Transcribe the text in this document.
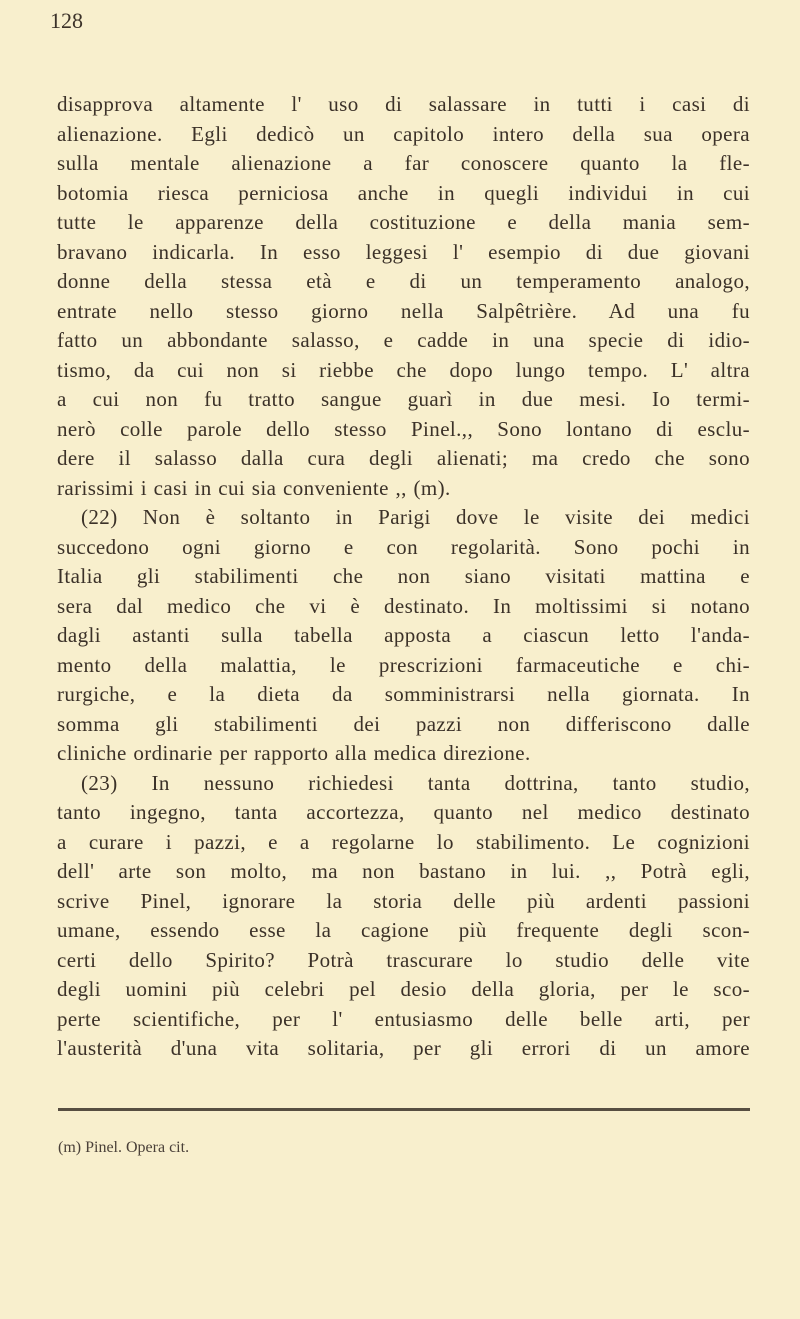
128
disapprova altamente l' uso di salassare in tutti i casi di
alienazione. Egli dedicò un capitolo intero della sua opera
sulla mentale alienazione a far conoscere quanto la fle-
botomia riesca perniciosa anche in quegli individui in cui
tutte le apparenze della costituzione e della mania sem-
bravano indicarla. In esso leggesi l' esempio di due giovani
donne della stessa età e di un temperamento analogo,
entrate nello stesso giorno nella Salpêtrière. Ad una fu
fatto un abbondante salasso, e cadde in una specie di idio-
tismo, da cui non si riebbe che dopo lungo tempo. L' altra
a cui non fu tratto sangue guarì in due mesi. Io termi-
nerò colle parole dello stesso Pinel.,, Sono lontano di esclu-
dere il salasso dalla cura degli alienati; ma credo che sono
rarissimi i casi in cui sia conveniente ,, (m).
(22) Non è soltanto in Parigi dove le visite dei medici
succedono ogni giorno e con regolarità. Sono pochi in
Italia gli stabilimenti che non siano visitati mattina e
sera dal medico che vi è destinato. In moltissimi si notano
dagli astanti sulla tabella apposta a ciascun letto l'anda-
mento della malattia, le prescrizioni farmaceutiche e chi-
rurgiche, e la dieta da somministrarsi nella giornata. In
somma gli stabilimenti dei pazzi non differiscono dalle
cliniche ordinarie per rapporto alla medica direzione.
(23) In nessuno richiedesi tanta dottrina, tanto studio,
tanto ingegno, tanta accortezza, quanto nel medico destinato
a curare i pazzi, e a regolarne lo stabilimento. Le cognizioni
dell' arte son molto, ma non bastano in lui. ,, Potrà egli,
scrive Pinel, ignorare la storia delle più ardenti passioni
umane, essendo esse la cagione più frequente degli scon-
certi dello Spirito? Potrà trascurare lo studio delle vite
degli uomini più celebri pel desio della gloria, per le sco-
perte scientifiche, per l' entusiasmo delle belle arti, per
l'austerità d'una vita solitaria, per gli errori di un amore
(m) Pinel. Opera cit.
